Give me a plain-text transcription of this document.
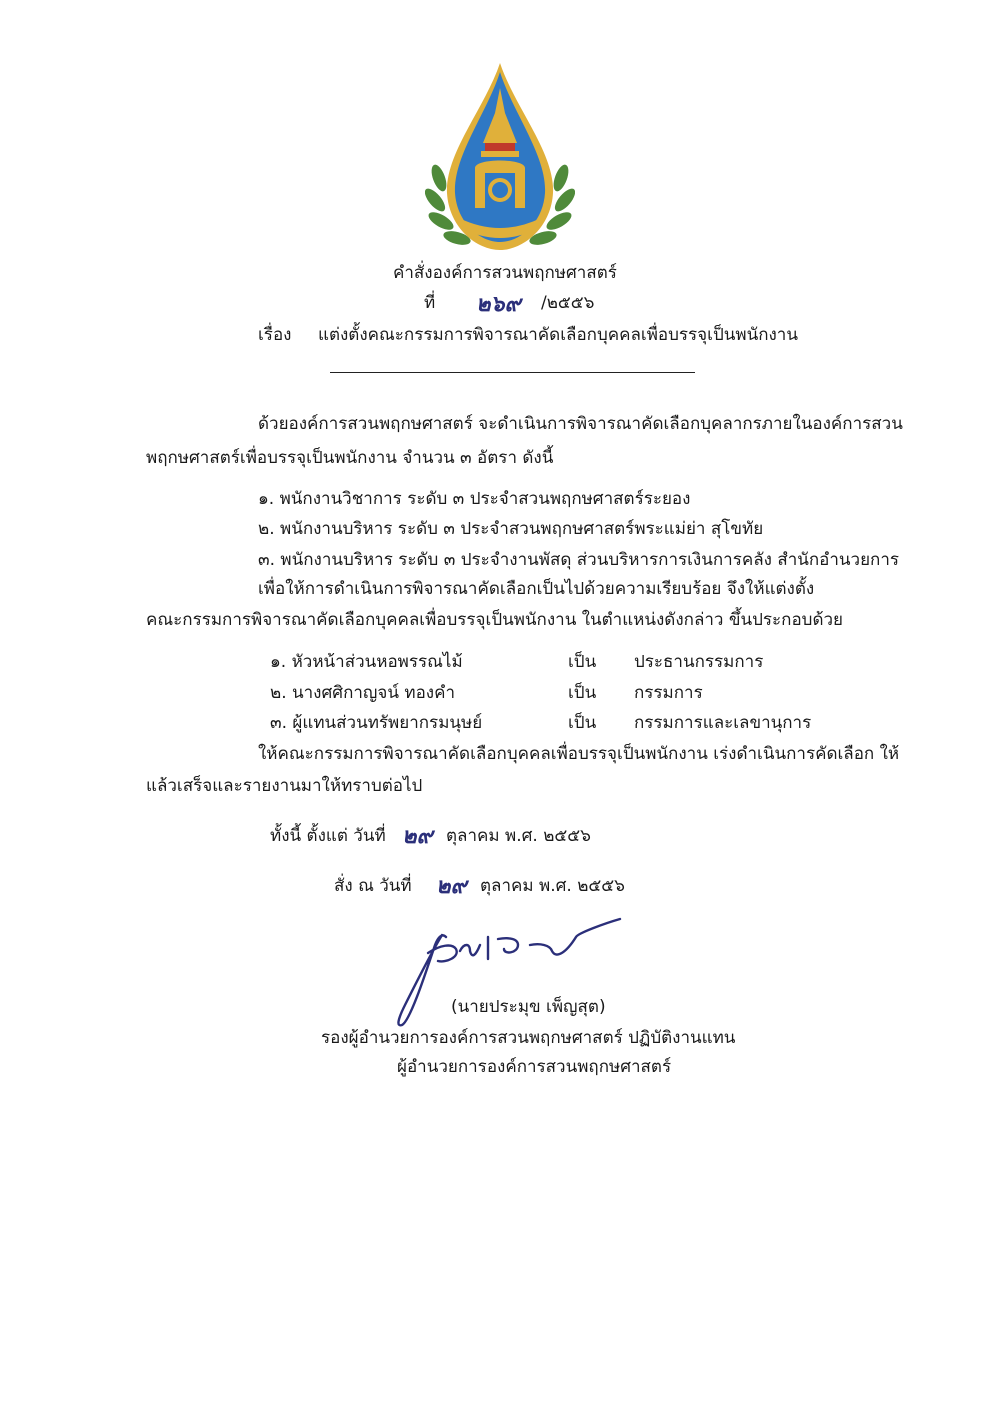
คำสั่งองค์การสวนพฤกษศาสตร์
ที่ ๒๖๙ /๒๕๕๖
เรื่อง แต่งตั้งคณะกรรมการพิจารณาคัดเลือกบุคคลเพื่อบรรจุเป็นพนักงาน
ด้วยองค์การสวนพฤกษศาสตร์ จะดำเนินการพิจารณาคัดเลือกบุคลากรภายในองค์การสวน
พฤกษศาสตร์เพื่อบรรจุเป็นพนักงาน จำนวน ๓ อัตรา ดังนี้
๑. พนักงานวิชาการ ระดับ ๓ ประจำสวนพฤกษศาสตร์ระยอง
๒. พนักงานบริหาร ระดับ ๓ ประจำสวนพฤกษศาสตร์พระแม่ย่า สุโขทัย
๓. พนักงานบริหาร ระดับ ๓ ประจำงานพัสดุ ส่วนบริหารการเงินการคลัง สำนักอำนวยการ
เพื่อให้การดำเนินการพิจารณาคัดเลือกเป็นไปด้วยความเรียบร้อย จึงให้แต่งตั้ง
คณะกรรมการพิจารณาคัดเลือกบุคคลเพื่อบรรจุเป็นพนักงาน ในตำแหน่งดังกล่าว ขึ้นประกอบด้วย
๑. หัวหน้าส่วนหอพรรณไม้	เป็น ประธานกรรมการ
๒. นางศศิกาญจน์ ทองคำ	เป็น กรรมการ
๓. ผู้แทนส่วนทรัพยากรมนุษย์	เป็น กรรมการและเลขานุการ
ให้คณะกรรมการพิจารณาคัดเลือกบุคคลเพื่อบรรจุเป็นพนักงาน เร่งดำเนินการคัดเลือก ให้
แล้วเสร็จและรายงานมาให้ทราบต่อไป
ทั้งนี้ ตั้งแต่ วันที่ ๒๙ ตุลาคม พ.ศ. ๒๕๕๖
สั่ง ณ วันที่ ๒๙ ตุลาคม พ.ศ. ๒๕๕๖
(นายประมุข เพ็ญสุต)
รองผู้อำนวยการองค์การสวนพฤกษศาสตร์ ปฏิบัติงานแทน
ผู้อำนวยการองค์การสวนพฤกษศาสตร์
